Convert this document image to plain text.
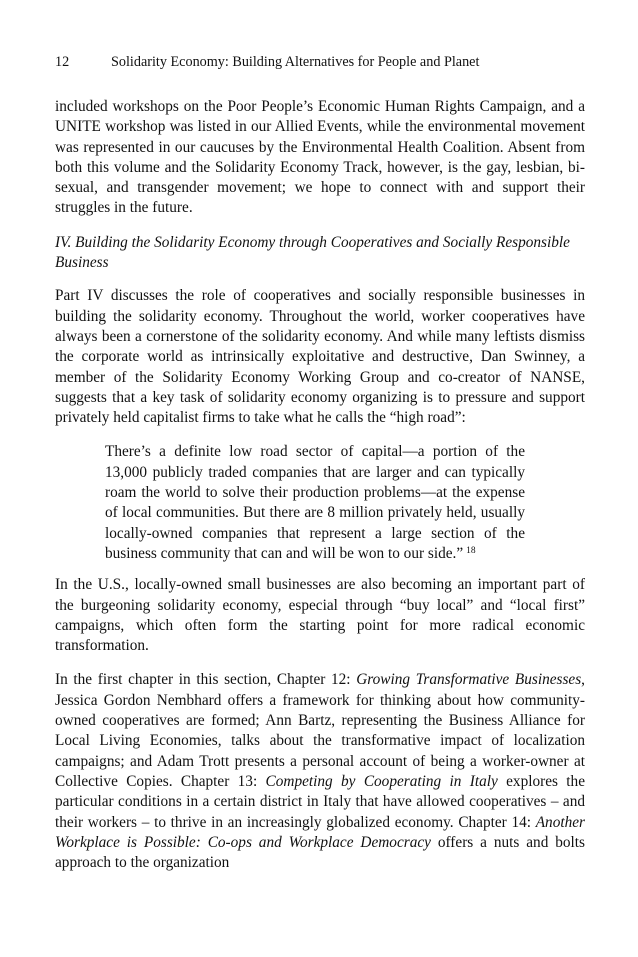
12	Solidarity Economy: Building Alternatives for People and Planet

included workshops on the Poor People’s Economic Human Rights Campaign, and a UNITE workshop was listed in our Allied Events, while the environmental movement was represented in our caucuses by the Environmental Health Coalition. Absent from both this volume and the Solidarity Economy Track, however, is the gay, lesbian, bi-sexual, and transgender movement; we hope to connect with and support their struggles in the future.

IV. Building the Solidarity Economy through Cooperatives and Socially Responsible Business

Part IV discusses the role of cooperatives and socially responsible businesses in building the solidarity economy. Throughout the world, worker cooperatives have always been a cornerstone of the solidarity economy. And while many leftists dismiss the corporate world as intrinsically exploitative and destructive, Dan Swinney, a member of the Solidarity Economy Working Group and co-creator of NANSE, suggests that a key task of solidarity economy organizing is to pressure and support privately held capitalist firms to take what he calls the “high road”:

There’s a definite low road sector of capital—a portion of the 13,000 publicly traded companies that are larger and can typically roam the world to solve their production problems—at the expense of local communities. But there are 8 million privately held, usually locally-owned companies that represent a large section of the business community that can and will be won to our side.” $^{18}$

In the U.S., locally-owned small businesses are also becoming an important part of the burgeoning solidarity economy, especial through “buy local” and “local first” campaigns, which often form the starting point for more radical economic transformation.

In the first chapter in this section, Chapter 12: Growing Transformative Businesses, Jessica Gordon Nembhard offers a framework for thinking about how community-owned cooperatives are formed; Ann Bartz, representing the Business Alliance for Local Living Economies, talks about the transformative impact of localization campaigns; and Adam Trott presents a personal account of being a worker-owner at Collective Copies. Chapter 13: Competing by Cooperating in Italy explores the particular conditions in a certain district in Italy that have allowed cooperatives – and their workers – to thrive in an increasingly globalized economy. Chapter 14: Another Workplace is Possible: Co-ops and Workplace Democracy offers a nuts and bolts approach to the organization
